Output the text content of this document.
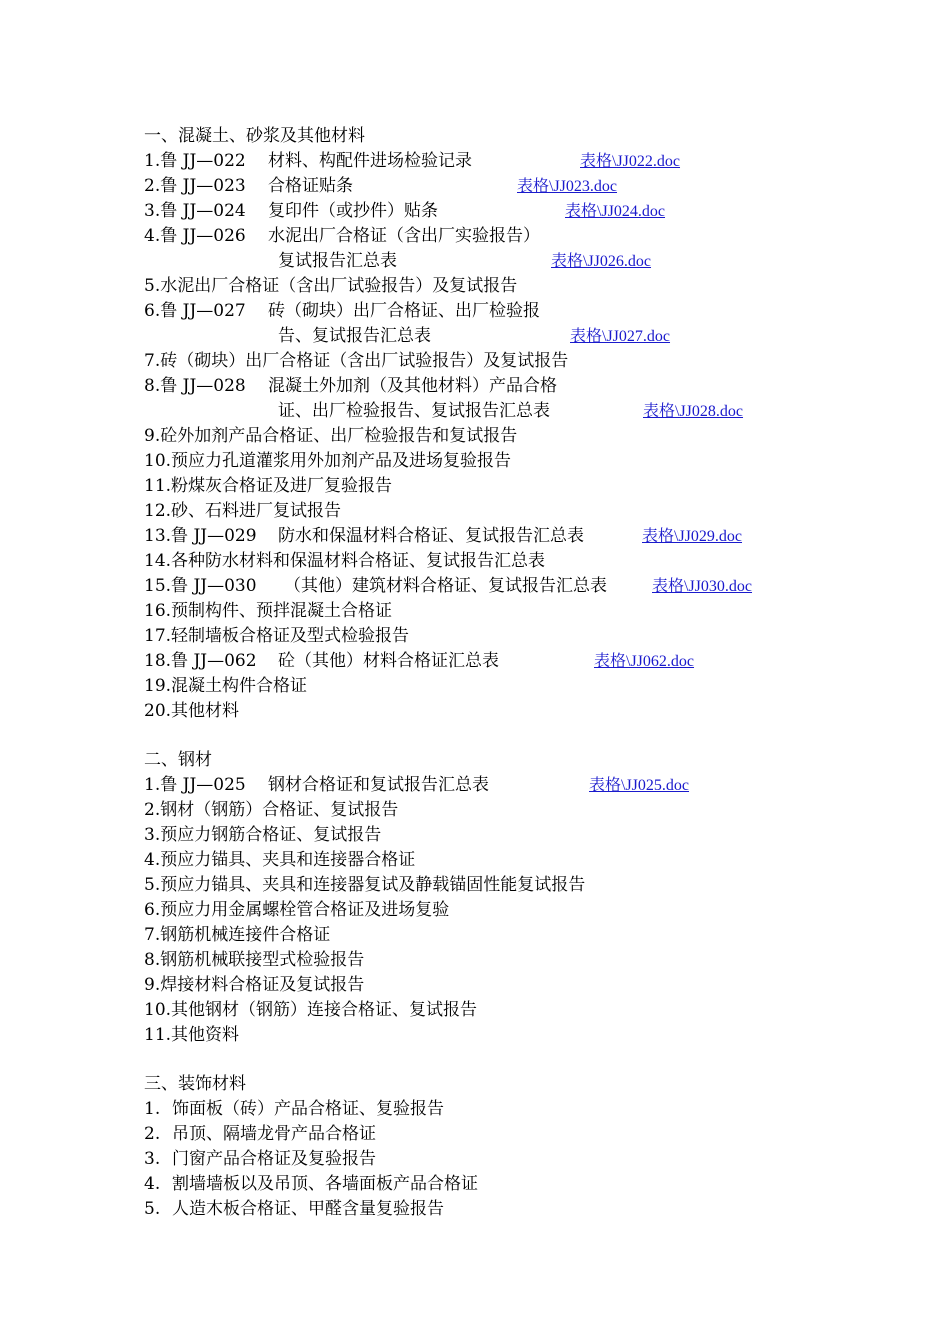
一、混凝土、砂浆及其他材料
1.鲁 JJ—022 材料、构配件进场检验记录	表格\JJ022.doc
2.鲁 JJ—023 合格证贴条	表格\JJ023.doc
3.鲁 JJ—024 复印件（或抄件）贴条	表格\JJ024.doc
4.鲁 JJ—026 水泥出厂合格证（含出厂实验报告）
复试报告汇总表	表格\JJ026.doc
5.水泥出厂合格证（含出厂试验报告）及复试报告
6.鲁 JJ—027 砖（砌块）出厂合格证、出厂检验报
告、复试报告汇总表	表格\JJ027.doc
7.砖（砌块）出厂合格证（含出厂试验报告）及复试报告
8.鲁 JJ—028 混凝土外加剂（及其他材料）产品合格
证、出厂检验报告、复试报告汇总表	表格\JJ028.doc
9.砼外加剂产品合格证、出厂检验报告和复试报告
10.预应力孔道灌浆用外加剂产品及进场复验报告
11.粉煤灰合格证及进厂复验报告
12.砂、石料进厂复试报告
13.鲁 JJ—029 防水和保温材料合格证、复试报告汇总表	表格\JJ029.doc
14.各种防水材料和保温材料合格证、复试报告汇总表
15.鲁 JJ—030 （其他）建筑材料合格证、复试报告汇总表	表格\JJ030.doc
16.预制构件、预拌混凝土合格证
17.轻制墙板合格证及型式检验报告
18.鲁 JJ—062 砼（其他）材料合格证汇总表	表格\JJ062.doc
19.混凝土构件合格证
20.其他材料
二、钢材
1.鲁 JJ—025 钢材合格证和复试报告汇总表	表格\JJ025.doc
2.钢材（钢筋）合格证、复试报告
3.预应力钢筋合格证、复试报告
4.预应力锚具、夹具和连接器合格证
5.预应力锚具、夹具和连接器复试及静载锚固性能复试报告
6.预应力用金属螺栓管合格证及进场复验
7.钢筋机械连接件合格证
8.钢筋机械联接型式检验报告
9.焊接材料合格证及复试报告
10.其他钢材（钢筋）连接合格证、复试报告
11.其他资料
三、装饰材料
1. 饰面板（砖）产品合格证、复验报告
2. 吊顶、隔墙龙骨产品合格证
3. 门窗产品合格证及复验报告
4. 割墙墙板以及吊顶、各墙面板产品合格证
5. 人造木板合格证、甲醛含量复验报告
